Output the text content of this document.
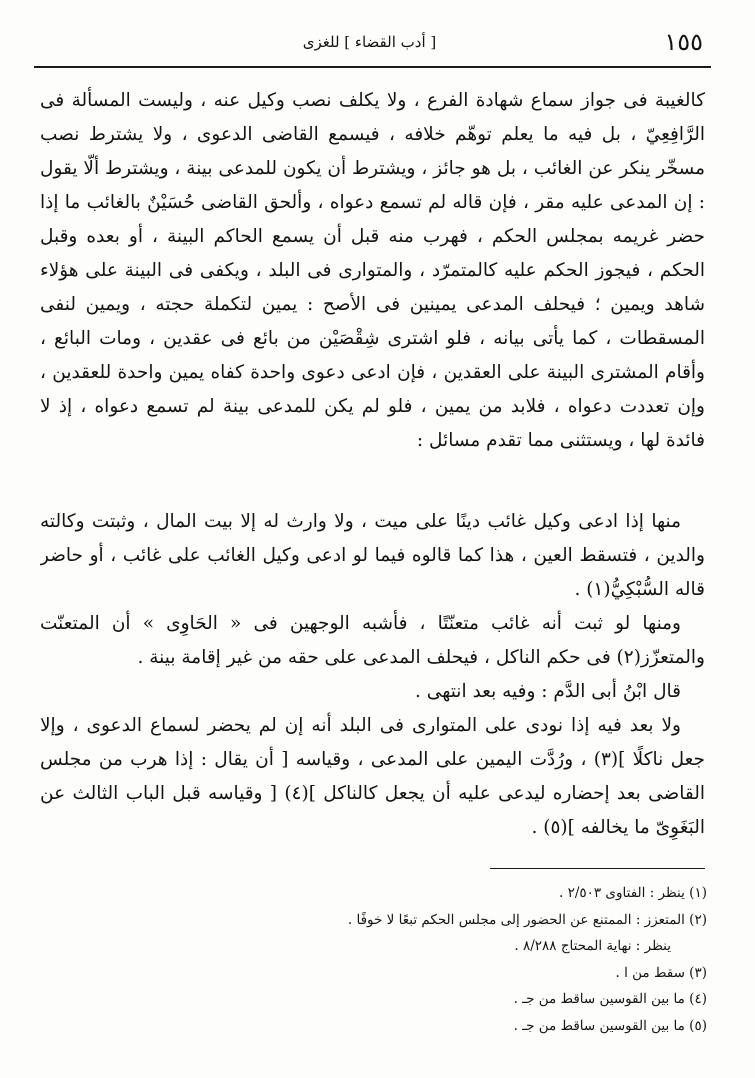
١٥٥
[ أدب القضاء ] للغزى

كالغيبة فى جواز سماع شهادة الفرع ، ولا يكلف نصب وكيل عنه ، وليست المسألة فى الرَّافِعِيّ ، بل فيه ما يعلم توهّم خلافه ، فيسمع القاضى الدعوى ، ولا يشترط نصب مسخّر ينكر عن الغائب ، بل هو جائز ، ويشترط أن يكون للمدعى بينة ، ويشترط ألّا يقول : إن المدعى عليه مقر ، فإن قاله لم تسمع دعواه ، وألحق القاضى حُسَيْنٌ بالغائب ما إذا حضر غريمه بمجلس الحكم ، فهرب منه قبل أن يسمع الحاكم البينة ، أو بعده وقبل الحكم ، فيجوز الحكم عليه كالمتمرّد ، والمتوارى فى البلد ، ويكفى فى البينة على هؤلاء شاهد ويمين ؛ فيحلف المدعى يمينين فى الأصح : يمين لتكملة حجته ، ويمين لنفى المسقطات ، كما يأتى بيانه ، فلو اشترى شِقْصَيْن من بائع فى عقدين ، ومات البائع ، وأقام المشترى البينة على العقدين ، فإن ادعى دعوى واحدة كفاه يمين واحدة للعقدين ، وإن تعددت دعواه ، فلابد من يمين ، فلو لم يكن للمدعى بينة لم تسمع دعواه ، إذ لا فائدة لها ، ويستثنى مما تقدم مسائل :

منها إذا ادعى وكيل غائب دينًا على ميت ، ولا وارث له إلا بيت المال ، وثبتت وكالته والدين ، فتسقط العين ، هذا كما قالوه فيما لو ادعى وكيل الغائب على غائب ، أو حاضر قاله السُّبْكِيُّ(١) .

ومنها لو ثبت أنه غائب متعنّتًا ، فأشبه الوجهين فى « الحَاوِى » أن المتعنّت والمتعزّز(٢) فى حكم الناكل ، فيحلف المدعى على حقه من غير إقامة بينة .

قال ابْنُ أبى الدَّم : وفيه بعد انتهى .

ولا بعد فيه إذا نودى على المتوارى فى البلد أنه إن لم يحضر لسماع الدعوى ، وإلا جعل ناكلًا ](٣) ، ورُدَّت اليمين على المدعى ، وقياسه [ أن يقال : إذا هرب من مجلس القاضى بعد إحضاره ليدعى عليه أن يجعل كالناكل ](٤) [ وقياسه قبل الباب الثالث عن البَغَوِىّ ما يخالفه ](٥) .

(١) ينظر : الفتاوى ٢/٥٠٣ .
(٢) المتعزز : الممتنع عن الحضور إلى مجلس الحكم تبعًا لا خوفًا .
ينظر : نهاية المحتاج ٨/٢٨٨ .
(٣) سقط من ا .
(٤) ما بين القوسين ساقط من جـ .
(٥) ما بين القوسين ساقط من جـ .
